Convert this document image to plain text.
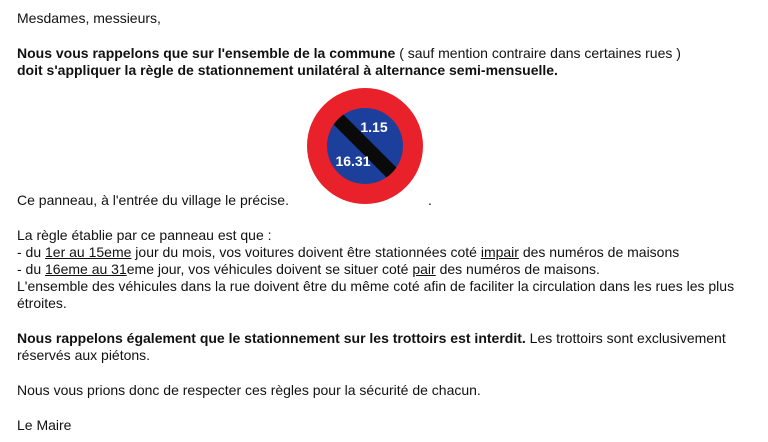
Mesdames, messieurs,
Nous vous rappelons que sur l'ensemble de la commune ( sauf mention contraire dans certaines rues )
doit s'appliquer la règle de stationnement unilatéral à alternance semi-mensuelle.
1.15
16.31
Ce panneau, à l'entrée du village le précise.	.
La règle établie par ce panneau est que :
- du 1er au 15eme jour du mois, vos voitures doivent être stationnées coté impair des numéros de maisons
- du 16eme au 31eme jour, vos véhicules doivent se situer coté pair des numéros de maisons.
L'ensemble des véhicules dans la rue doivent être du même coté afin de faciliter la circulation dans les rues les plus
étroites.
Nous rappelons également que le stationnement sur les trottoirs est interdit. Les trottoirs sont exclusivement
réservés aux piétons.
Nous vous prions donc de respecter ces règles pour la sécurité de chacun.
Le Maire
